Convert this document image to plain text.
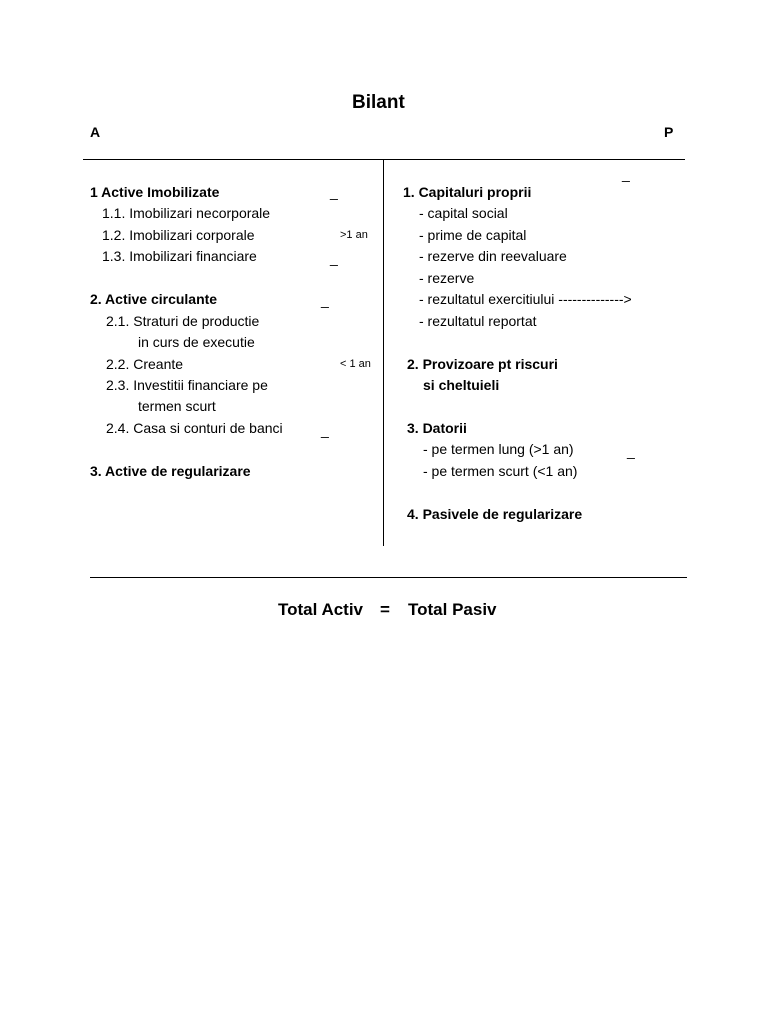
Bilant
A	P
1 Active Imobilizate
1.1. Imobilizari necorporale
1.2. Imobilizari corporale
1.3. Imobilizari financiare
_
>1 an
_
2. Active circulante
2.1. Straturi de productie
in curs de executie
2.2. Creante
2.3. Investitii financiare pe
termen scurt
2.4. Casa si conturi de banci
_
< 1 an
_
3. Active de regularizare
_
1. Capitaluri proprii
- capital social
- prime de capital
- rezerve din reevaluare
- rezerve
- rezultatul exercitiului -------------->
- rezultatul reportat
2. Provizoare pt riscuri
si cheltuieli
3. Datorii
- pe termen lung (>1 an)
- pe termen scurt (<1 an)
_
4. Pasivele de regularizare
Total Activ = Total Pasiv
